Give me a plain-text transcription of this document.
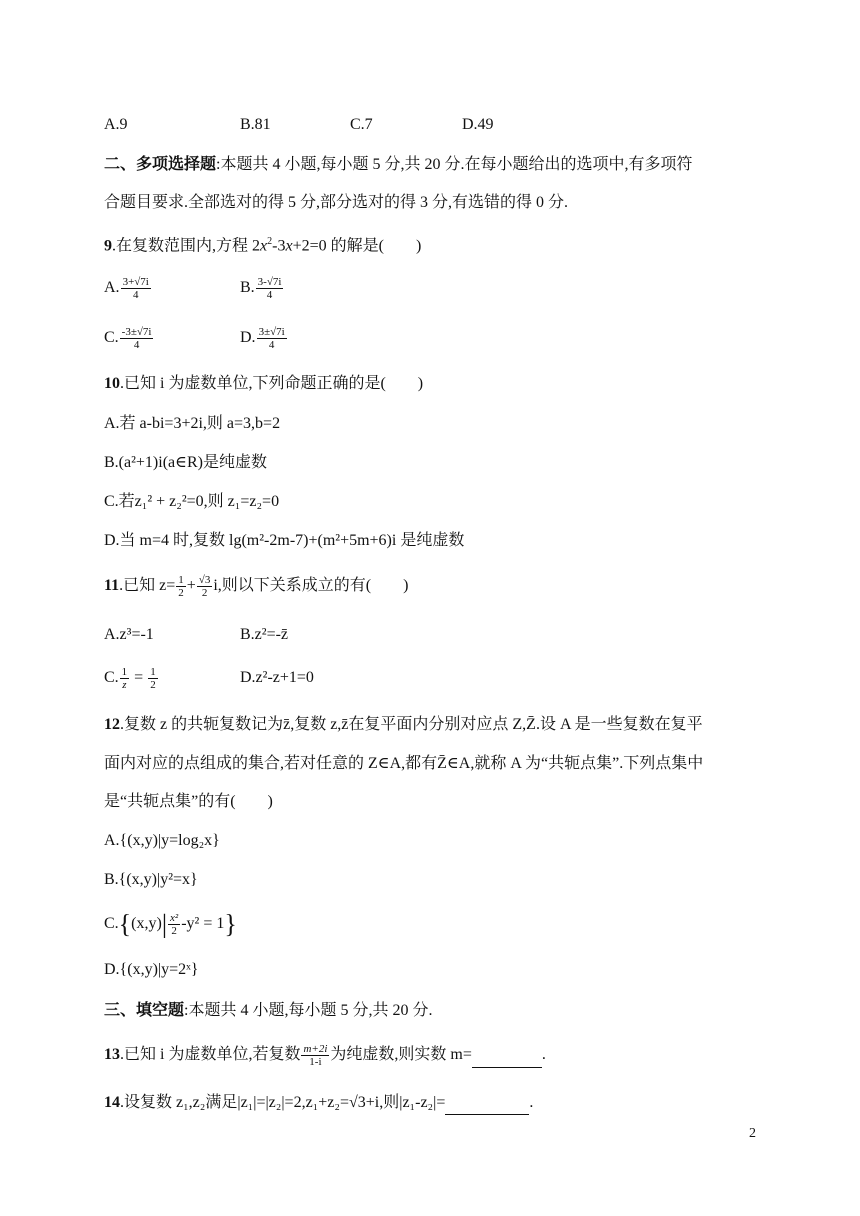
A.9	B.81	C.7	D.49
二、多项选择题:本题共 4 小题,每小题 5 分,共 20 分.在每小题给出的选项中,有多项符
合题目要求.全部选对的得 5 分,部分选对的得 3 分,有选错的得 0 分.
9.在复数范围内,方程 $2x^2-3x+2=0$ 的解是(　　)
A. $\frac{3+√7i}{4}$	B. $\frac{3-√7i}{4}$
C. $\frac{-3\pm√7i}{4}$	D. $\frac{3\pm√7i}{4}$
10.已知 i 为虚数单位,下列命题正确的是(　　)
A.若 a-bi=3+2i,则 a=3,b=2
B.(a²+1)i(a∈R)是纯虚数
C.若z₁² + z₂²=0,则 z₁=z₂=0
D.当 m=4 时,复数 lg(m²-2m-7)+(m²+5m+6)i 是纯虚数
11.已知 $z= \frac{1}{2} + \frac{√3}{2} i$,则以下关系成立的有(　　)
A.z³=-1	B.z²=-z̄
C. $\frac{1}{z} = \frac{1}{2}$	D.z²-z+1=0
12.复数 z 的共轭复数记为z̄,复数 z,z̄在复平面内分别对应点 Z,Z̄.设 A 是一些复数在复平
面内对应的点组成的集合,若对任意的 Z∈A,都有Z̄∈A,就称 A 为“共轭点集”.下列点集中
是“共轭点集”的有(　　)
A.{(x,y)|y=log₂x}
B.{(x,y)|y²=x}
$C.\{(x,y)| \frac{\text{x²}}{2} -y^2 = 1\}$
D.{(x,y)|y=2ˣ}
三、填空题:本题共 4 小题,每小题 5 分,共 20 分.
13.已知 i 为虚数单位,若复数 $\frac{m+2i}{1-i}$ 为纯虚数,则实数 m=	.
14.设复数 z₁,z₂满足|z₁|=|z₂|=2,z₁+z₂=√3+i,则|z₁-z₂|=	.
2
